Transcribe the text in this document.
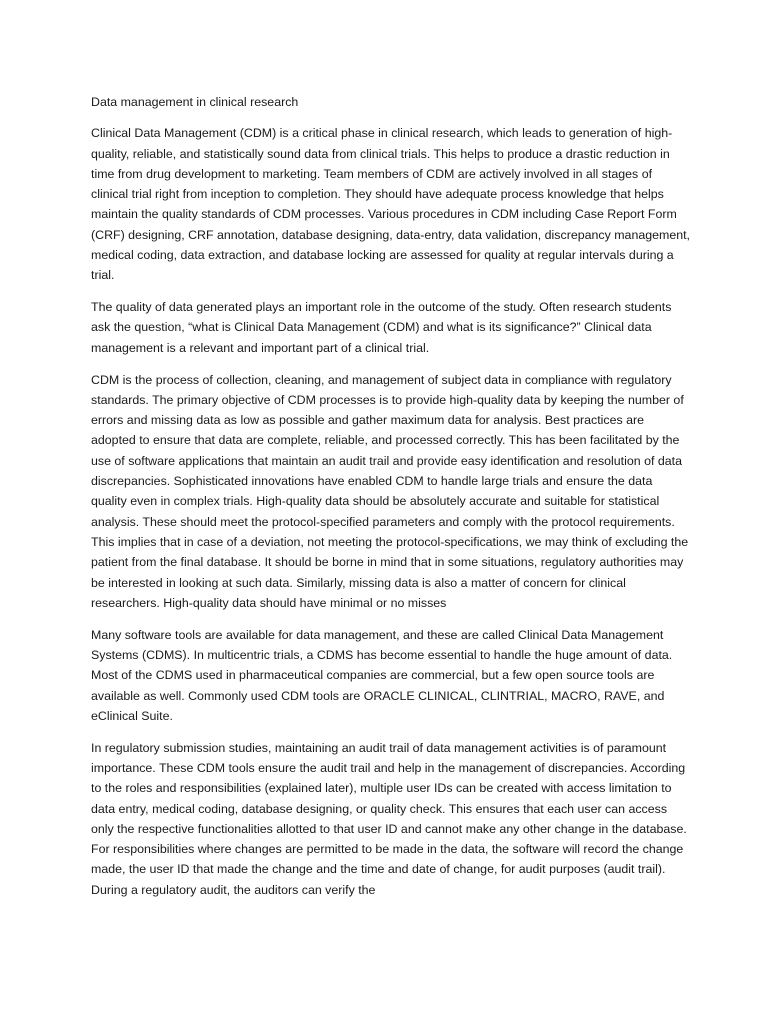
Data management in clinical research

Clinical Data Management (CDM) is a critical phase in clinical research, which leads to generation of high-quality, reliable, and statistically sound data from clinical trials. This helps to produce a drastic reduction in time from drug development to marketing. Team members of CDM are actively involved in all stages of clinical trial right from inception to completion. They should have adequate process knowledge that helps maintain the quality standards of CDM processes. Various procedures in CDM including Case Report Form (CRF) designing, CRF annotation, database designing, data-entry, data validation, discrepancy management, medical coding, data extraction, and database locking are assessed for quality at regular intervals during a trial.

The quality of data generated plays an important role in the outcome of the study. Often research students ask the question, “what is Clinical Data Management (CDM) and what is its significance?” Clinical data management is a relevant and important part of a clinical trial.

CDM is the process of collection, cleaning, and management of subject data in compliance with regulatory standards. The primary objective of CDM processes is to provide high-quality data by keeping the number of errors and missing data as low as possible and gather maximum data for analysis. Best practices are adopted to ensure that data are complete, reliable, and processed correctly. This has been facilitated by the use of software applications that maintain an audit trail and provide easy identification and resolution of data discrepancies. Sophisticated innovations have enabled CDM to handle large trials and ensure the data quality even in complex trials. High-quality data should be absolutely accurate and suitable for statistical analysis. These should meet the protocol-specified parameters and comply with the protocol requirements. This implies that in case of a deviation, not meeting the protocol-specifications, we may think of excluding the patient from the final database. It should be borne in mind that in some situations, regulatory authorities may be interested in looking at such data. Similarly, missing data is also a matter of concern for clinical researchers. High-quality data should have minimal or no misses

Many software tools are available for data management, and these are called Clinical Data Management Systems (CDMS). In multicentric trials, a CDMS has become essential to handle the huge amount of data. Most of the CDMS used in pharmaceutical companies are commercial, but a few open source tools are available as well. Commonly used CDM tools are ORACLE CLINICAL, CLINTRIAL, MACRO, RAVE, and eClinical Suite.

In regulatory submission studies, maintaining an audit trail of data management activities is of paramount importance. These CDM tools ensure the audit trail and help in the management of discrepancies. According to the roles and responsibilities (explained later), multiple user IDs can be created with access limitation to data entry, medical coding, database designing, or quality check. This ensures that each user can access only the respective functionalities allotted to that user ID and cannot make any other change in the database. For responsibilities where changes are permitted to be made in the data, the software will record the change made, the user ID that made the change and the time and date of change, for audit purposes (audit trail). During a regulatory audit, the auditors can verify the
